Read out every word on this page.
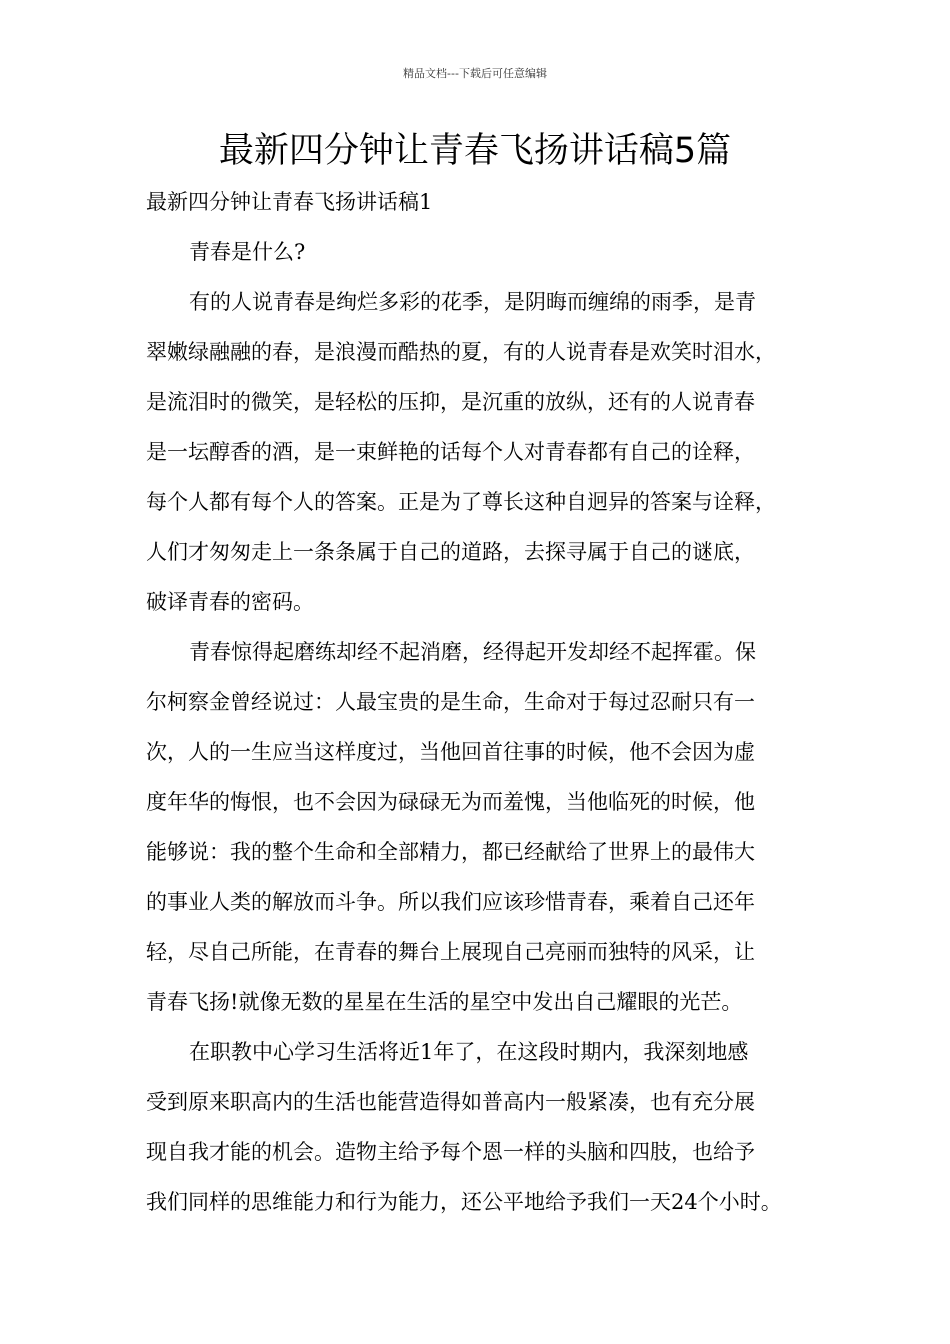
精品文档---下载后可任意编辑
最新四分钟让青春飞扬讲话稿5篇
最新四分钟让青春飞扬讲话稿1
青春是什么?
有的人说青春是绚烂多彩的花季，是阴晦而缠绵的雨季，是青
翠嫩绿融融的春，是浪漫而酷热的夏，有的人说青春是欢笑时泪水，
是流泪时的微笑，是轻松的压抑，是沉重的放纵，还有的人说青春
是一坛醇香的酒，是一束鲜艳的话每个人对青春都有自己的诠释，
每个人都有每个人的答案。正是为了尊长这种自迥异的答案与诠释，
人们才匆匆走上一条条属于自己的道路，去探寻属于自己的谜底，
破译青春的密码。
青春惊得起磨练却经不起消磨，经得起开发却经不起挥霍。保
尔柯察金曾经说过：人最宝贵的是生命，生命对于每过忍耐只有一
次，人的一生应当这样度过，当他回首往事的时候，他不会因为虚
度年华的悔恨，也不会因为碌碌无为而羞愧，当他临死的时候，他
能够说：我的整个生命和全部精力，都已经献给了世界上的最伟大
的事业人类的解放而斗争。所以我们应该珍惜青春，乘着自己还年
轻，尽自己所能，在青春的舞台上展现自己亮丽而独特的风采，让
青春飞扬!就像无数的星星在生活的星空中发出自己耀眼的光芒。
在职教中心学习生活将近1年了，在这段时期内，我深刻地感
受到原来职高内的生活也能营造得如普高内一般紧凑，也有充分展
现自我才能的机会。造物主给予每个恩一样的头脑和四肢，也给予
我们同样的思维能力和行为能力，还公平地给予我们一天24个小时。
